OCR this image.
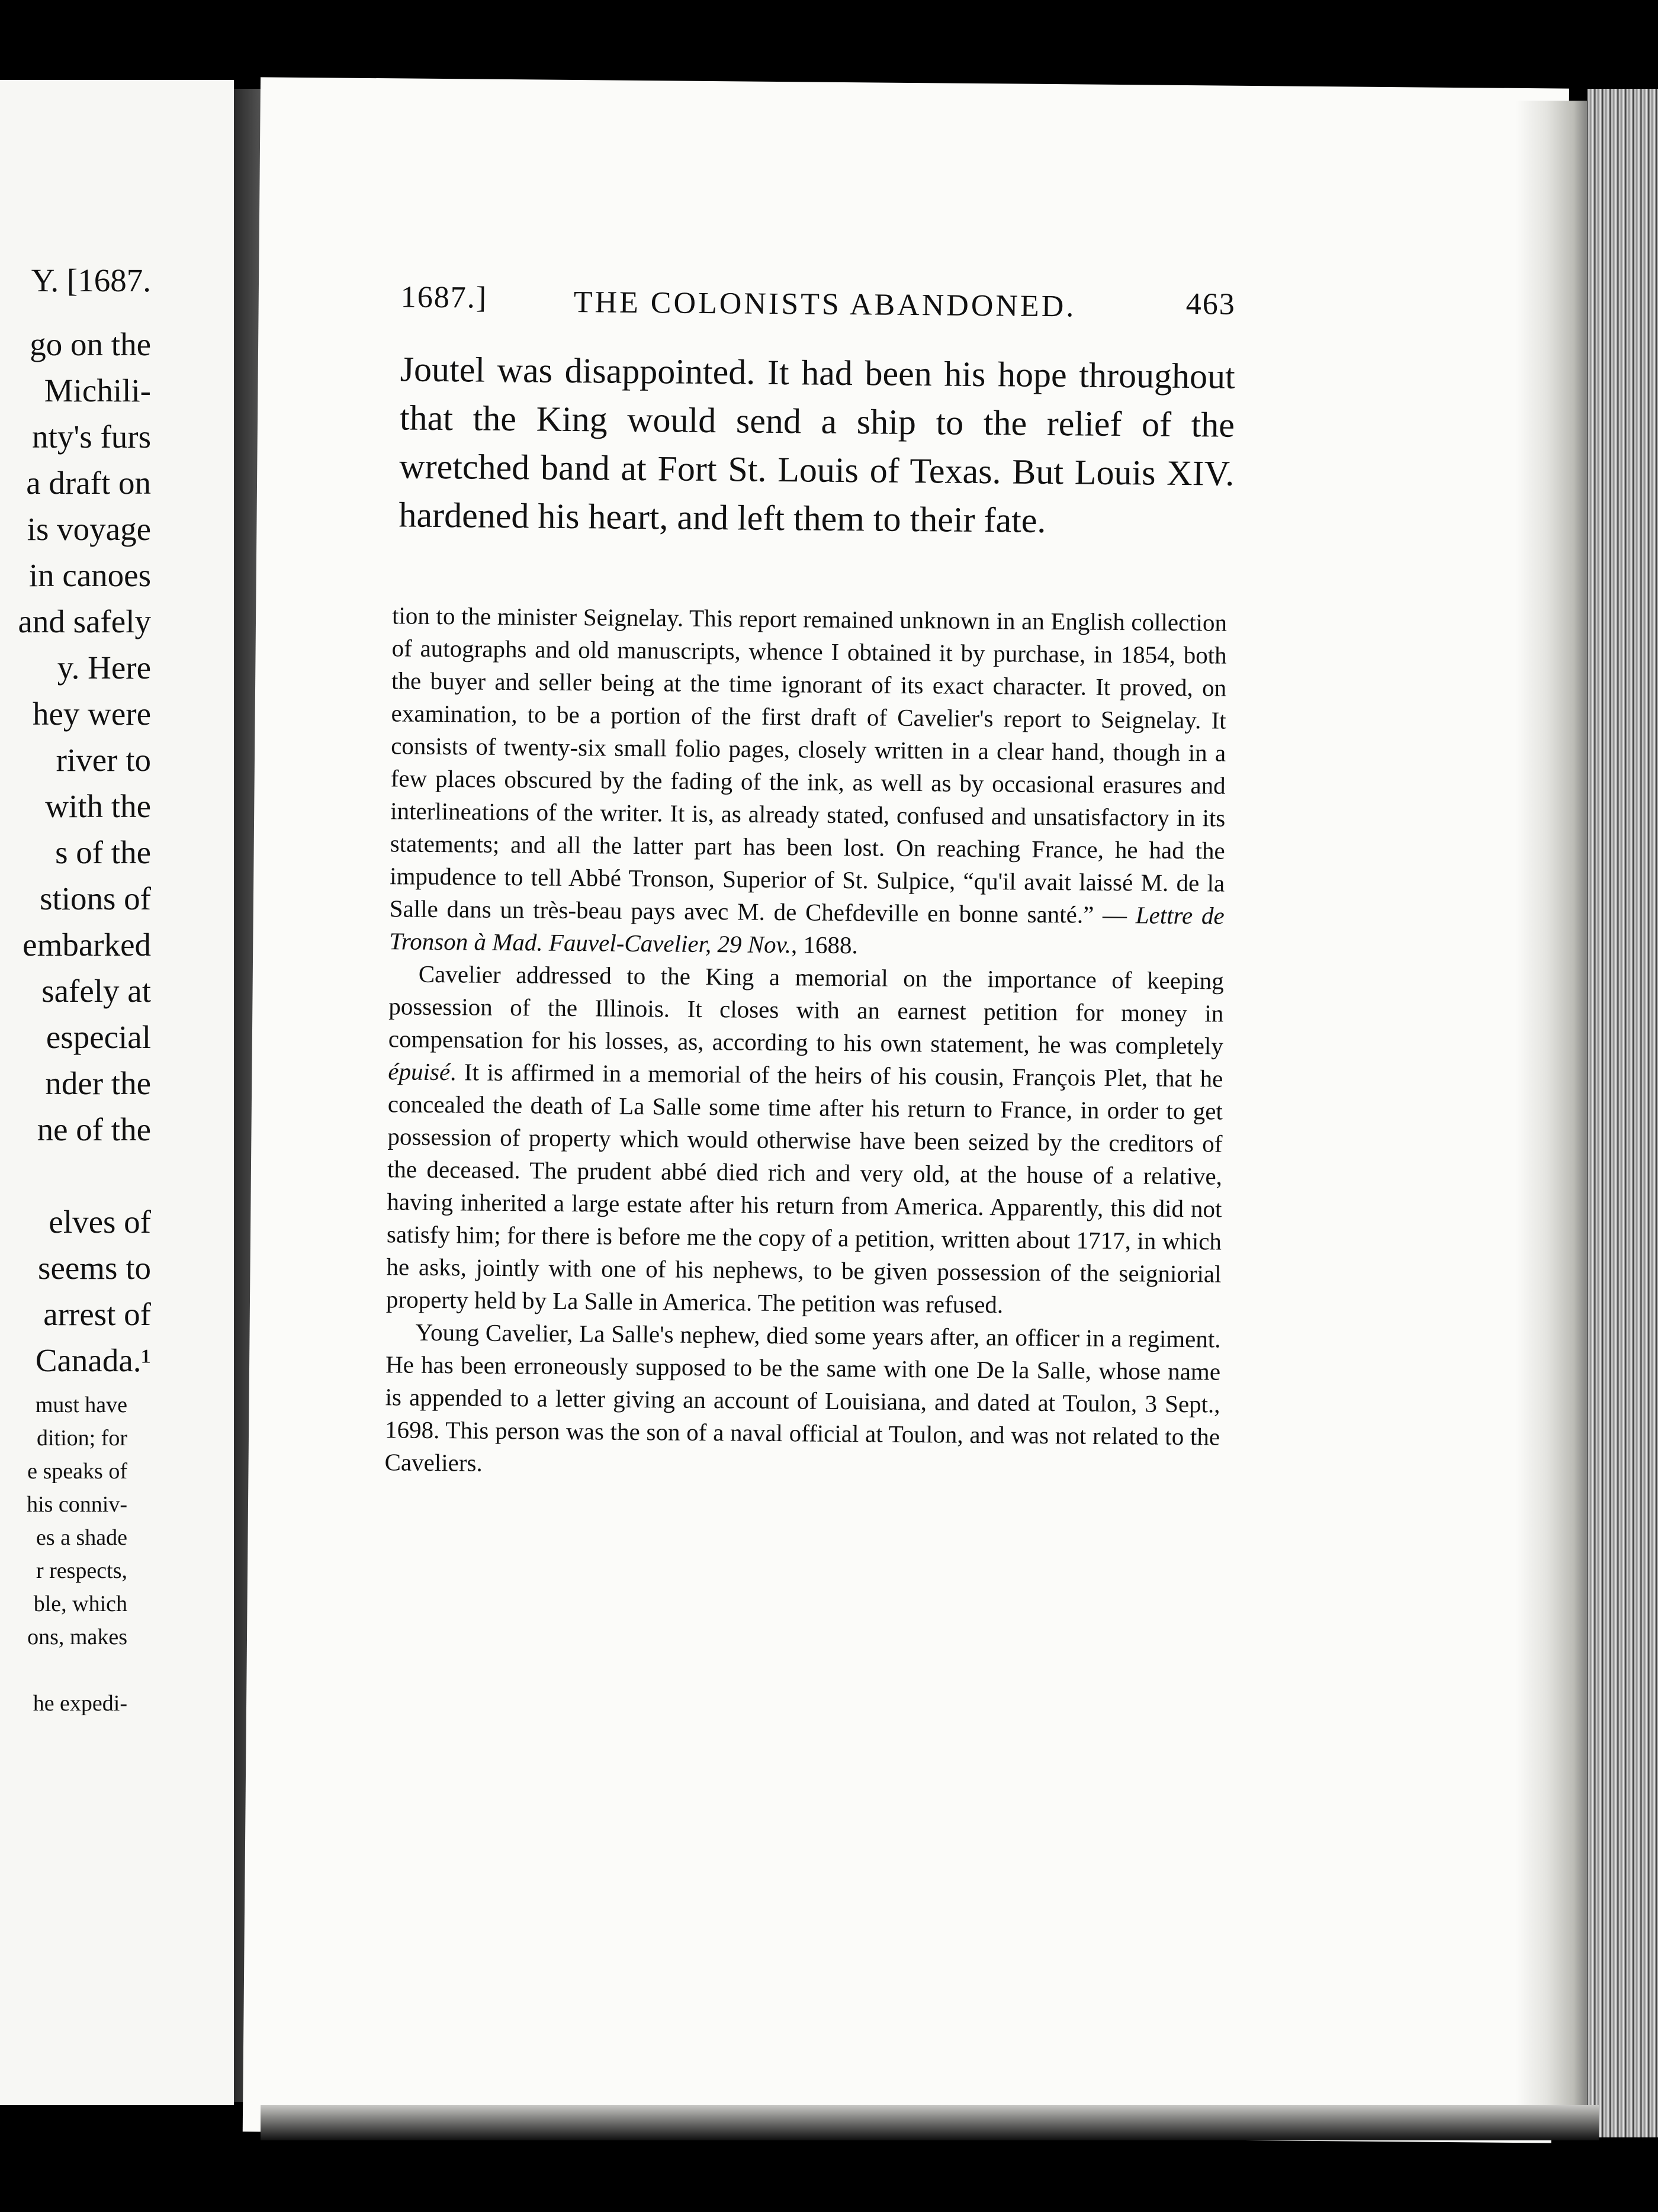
Y. [1687.
go on the
Michili-
nty's furs
a draft on
is voyage
in canoes
and safely
y. Here
hey were
river to
with the
s of the
stions of
embarked
safely at
especial
nder the
ne of the
elves of
seems to
arrest of
Canada.¹
must have
dition; for
e speaks of
his conniv-
es a shade
r respects,
ble, which
ons, makes
he expedi-
1687.]	THE COLONISTS ABANDONED.	463

Joutel was disappointed. It had been his hope throughout that the King would send a ship to the relief of the wretched band at Fort St. Louis of Texas. But Louis XIV. hardened his heart, and left them to their fate.

tion to the minister Seignelay. This report remained unknown in an English collection of autographs and old manuscripts, whence I obtained it by purchase, in 1854, both the buyer and seller being at the time ignorant of its exact character. It proved, on examination, to be a portion of the first draft of Cavelier's report to Seignelay. It consists of twenty-six small folio pages, closely written in a clear hand, though in a few places obscured by the fading of the ink, as well as by occasional erasures and interlineations of the writer. It is, as already stated, confused and unsatisfactory in its statements; and all the latter part has been lost. On reaching France, he had the impudence to tell Abbé Tronson, Superior of St. Sulpice, “qu'il avait laissé M. de la Salle dans un très-beau pays avec M. de Chefdeville en bonne santé.” — Lettre de Tronson à Mad. Fauvel-Cavelier, 29 Nov., 1688.

Cavelier addressed to the King a memorial on the importance of keeping possession of the Illinois. It closes with an earnest petition for money in compensation for his losses, as, according to his own statement, he was completely épuisé. It is affirmed in a memorial of the heirs of his cousin, François Plet, that he concealed the death of La Salle some time after his return to France, in order to get possession of property which would otherwise have been seized by the creditors of the deceased. The prudent abbé died rich and very old, at the house of a relative, having inherited a large estate after his return from America. Apparently, this did not satisfy him; for there is before me the copy of a petition, written about 1717, in which he asks, jointly with one of his nephews, to be given possession of the seigniorial property held by La Salle in America. The petition was refused.

Young Cavelier, La Salle's nephew, died some years after, an officer in a regiment. He has been erroneously supposed to be the same with one De la Salle, whose name is appended to a letter giving an account of Louisiana, and dated at Toulon, 3 Sept., 1698. This person was the son of a naval official at Toulon, and was not related to the Caveliers.
